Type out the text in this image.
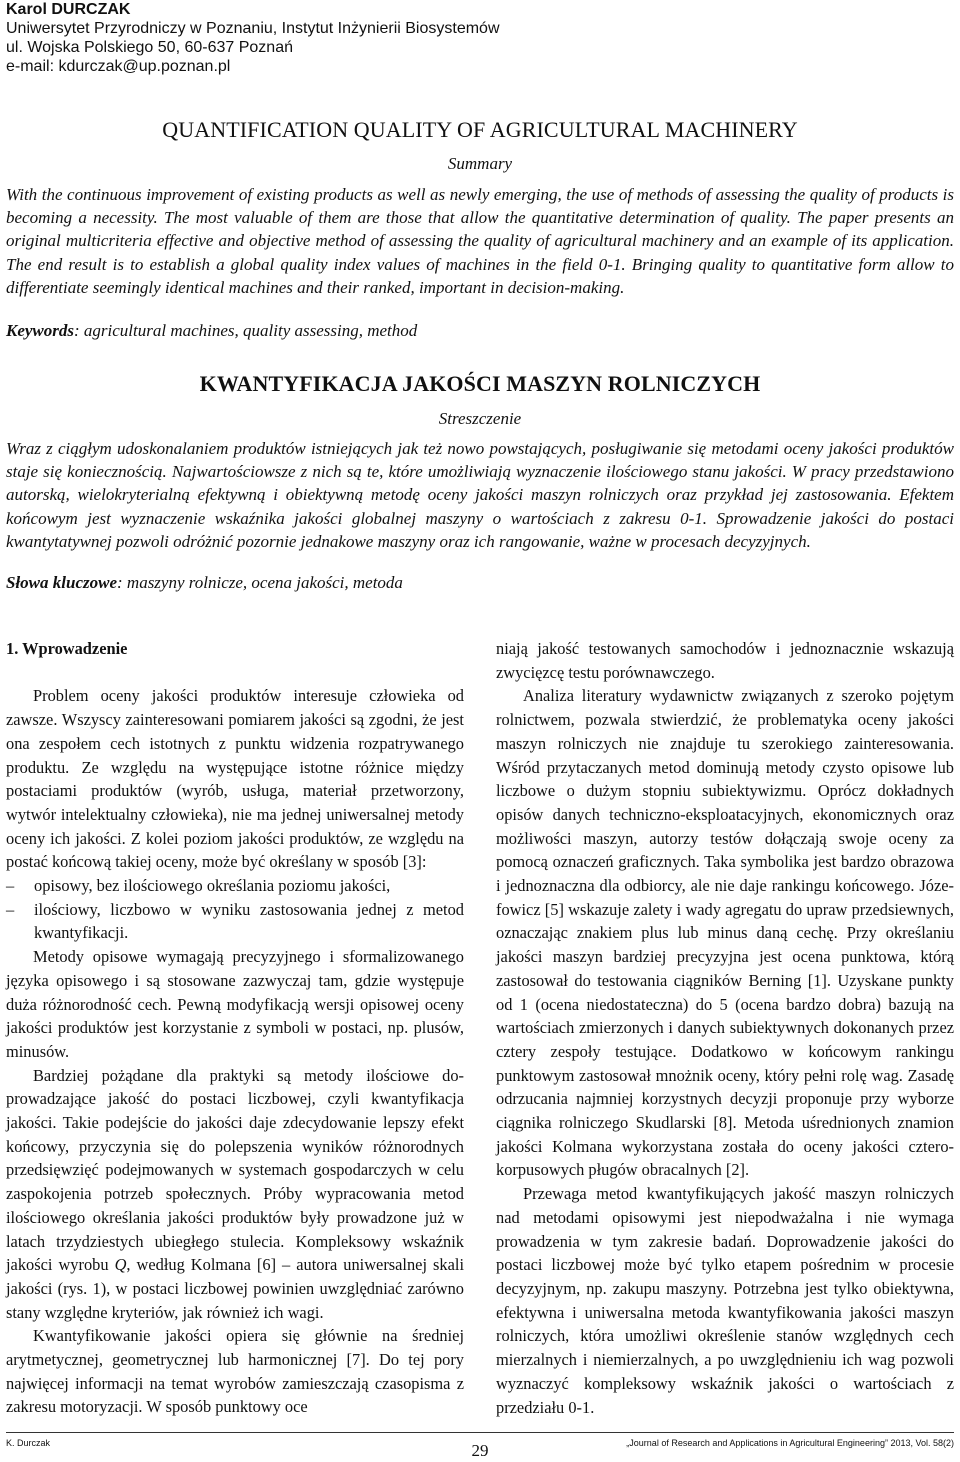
Karol DURCZAK
Uniwersytet Przyrodniczy w Poznaniu, Instytut Inżynierii Biosystemów
ul. Wojska Polskiego 50, 60-637 Poznań
e-mail: kdurczak@up.poznan.pl
QUANTIFICATION QUALITY OF AGRICULTURAL MACHINERY
Summary
With the continuous improvement of existing products as well as newly emerging, the use of methods of assessing the quality of products is becoming a necessity. The most valuable of them are those that allow the quantitative determination of quality. The paper presents an original multicriteria effective and objective method of assessing the quality of agricultural machinery and an example of its application. The end result is to establish a global quality index values of machines in the field 0-1. Bringing quality to quantitative form allow to differentiate seemingly identical machines and their ranked, important in decision-making.
Keywords: agricultural machines, quality assessing, method
KWANTYFIKACJA JAKOŚCI MASZYN ROLNICZYCH
Streszczenie
Wraz z ciągłym udoskonalaniem produktów istniejących jak też nowo powstających, posługiwanie się metodami oceny jakości produktów staje się koniecznością. Najwartościowsze z nich są te, które umożliwiają wyznaczenie ilościowego stanu jakości. W pracy przedstawiono autorską, wielokryterialną efektywną i obiektywną metodę oceny jakości maszyn rolniczych oraz przykład jej zastosowania. Efektem końcowym jest wyznaczenie wskaźnika jakości globalnej maszyny o wartościach z zakresu 0-1. Sprowadzenie jakości do postaci kwantytatywnej pozwoli odróżnić pozornie jednakowe maszyny oraz ich rangowanie, ważne w procesach decyzyjnych.
Słowa kluczowe: maszyny rolnicze, ocena jakości, metoda
1. Wprowadzenie

Problem oceny jakości produktów interesuje człowieka od zawsze. Wszyscy zainteresowani pomiarem jakości są zgodni, że jest ona zespołem cech istotnych z punktu widzenia rozpatrywanego produktu. Ze względu na występujące istotne różnice między postaciami produktów (wyrób, usługa, materiał przetworzony, wytwór intelektualny człowieka), nie ma jednej uniwersalnej metody oceny ich jakości. Z kolei poziom jakości produktów, ze względu na postać końcową takiej oceny, może być określany w sposób [3]:

– opisowy, bez ilościowego określania poziomu jakości,
– ilościowy, liczbowo w wyniku zastosowania jednej z metod kwantyfikacji.

Metody opisowe wymagają precyzyjnego i sformalizowanego języka opisowego i są stosowane zazwyczaj tam, gdzie występuje duża różnorodność cech. Pewną modyfikacją wersji opisowej oceny jakości produktów jest korzystanie z symboli w postaci, np. plusów, minusów.

Bardziej pożądane dla praktyki są metody ilościowe doprowadzające jakość do postaci liczbowej, czyli kwantyfikacja jakości. Takie podejście do jakości daje zdecydowanie lepszy efekt końcowy, przyczynia się do polepszenia wyników różnorodnych przedsięwzięć podejmowanych w systemach gospodarczych w celu zaspokojenia potrzeb społecznych. Próby wypracowania metod ilościowego określania jakości produktów były prowadzone już w latach trzydziestych ubiegłego stulecia. Kompleksowy wskaźnik jakości wyrobu Q, według Kolmana [6] – autora uniwersalnej skali jakości (rys. 1), w postaci liczbowej powinien uwzględniać zarówno stany względne kryteriów, jak również ich wagi.

Kwantyfikowanie jakości opiera się głównie na średniej arytmetycznej, geometrycznej lub harmonicznej [7]. Do tej pory najwięcej informacji na temat wyrobów zamieszczają czasopisma z zakresu motoryzacji. W sposób punktowy oce

niają jakość testowanych samochodów i jednoznacznie wskazują zwycięzcę testu porównawczego.

Analiza literatury wydawnictw związanych z szeroko pojętym rolnictwem, pozwala stwierdzić, że problematyka oceny jakości maszyn rolniczych nie znajduje tu szerokiego zainteresowania. Wśród przytaczanych metod dominują metody czysto opisowe lub liczbowe o dużym stopniu subiektywizmu. Oprócz dokładnych opisów danych techniczno-eksploatacyjnych, ekonomicznych oraz możliwości maszyn, autorzy testów dołączają swoje oceny za pomocą oznaczeń graficznych. Taka symbolika jest bardzo obrazowa i jednoznaczna dla odbiorcy, ale nie daje rankingu końcowego. Józefowicz [5] wskazuje zalety i wady agregatu do upraw przedsiewnych, oznaczając znakiem plus lub minus daną cechę. Przy określaniu jakości maszyn bardziej precyzyjna jest ocena punktowa, którą zastosował do testowania ciągników Berning [1]. Uzyskane punkty od 1 (ocena niedostateczna) do 5 (ocena bardzo dobra) bazują na wartościach zmierzonych i danych subiektywnych dokonanych przez cztery zespoły testujące. Dodatkowo w końcowym rankingu punktowym zastosował mnożnik oceny, który pełni rolę wag. Zasadę odrzucania najmniej korzystnych decyzji proponuje przy wyborze ciągnika rolniczego Skudlarski [8]. Metoda uśrednionych znamion jakości Kolmana wykorzystana została do oceny jakości czterokorpusowych pługów obracalnych [2].

Przewaga metod kwantyfikujących jakość maszyn rolniczych nad metodami opisowymi jest niepodważalna i nie wymaga prowadzenia w tym zakresie badań. Doprowadzenie jakości do postaci liczbowej może być tylko etapem pośrednim w procesie decyzyjnym, np. zakupu maszyny. Potrzebna jest tylko obiektywna, efektywna i uniwersalna metoda kwantyfikowania jakości maszyn rolniczych, która umożliwi określenie stanów względnych cech mierzalnych i niemierzalnych, a po uwzględnieniu ich wag pozwoli wyznaczyć kompleksowy wskaźnik jakości o wartościach z przedziału 0-1.

K. Durczak	29	„Journal of Research and Applications in Agricultural Engineering” 2013, Vol. 58(2)
